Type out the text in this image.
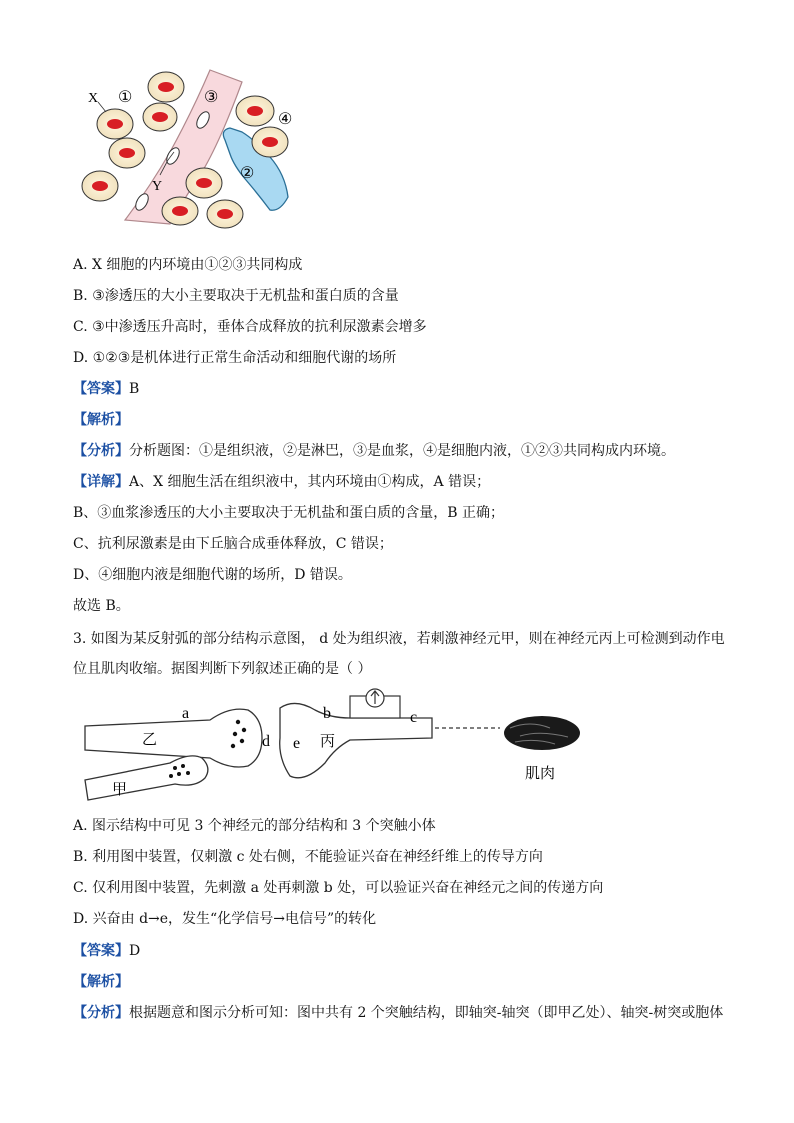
X ①	③
④
②
Y
A. X 细胞的内环境由①②③共同构成
B. ③渗透压的大小主要取决于无机盐和蛋白质的含量
C. ③中渗透压升高时，垂体合成释放的抗利尿激素会增多
D. ①②③是机体进行正常生命活动和细胞代谢的场所
【答案】B
【解析】
【分析】分析题图：①是组织液，②是淋巴，③是血浆，④是细胞内液，①②③共同构成内环境。
【详解】A、X 细胞生活在组织液中，其内环境由①构成，A 错误；
B、③血浆渗透压的大小主要取决于无机盐和蛋白质的含量，B 正确；
C、抗利尿激素是由下丘脑合成垂体释放，C 错误；
D、④细胞内液是细胞代谢的场所，D 错误。
故选 B。
3. 如图为某反射弧的部分结构示意图， d 处为组织液，若刺激神经元甲，则在神经元丙上可检测到动作电
位且肌肉收缩。据图判断下列叙述正确的是（ ）
a
乙	d e 丙
b	c
甲
肌肉
A. 图示结构中可见 3 个神经元的部分结构和 3 个突触小体
B. 利用图中装置，仅刺激 c 处右侧，不能验证兴奋在神经纤维上的传导方向
C. 仅利用图中装置，先刺激 a 处再刺激 b 处，可以验证兴奋在神经元之间的传递方向
D. 兴奋由 d→e，发生“化学信号→电信号”的转化
【答案】D
【解析】
【分析】根据题意和图示分析可知：图中共有 2 个突触结构，即轴突-轴突（即甲乙处）、轴突-树突或胞体
